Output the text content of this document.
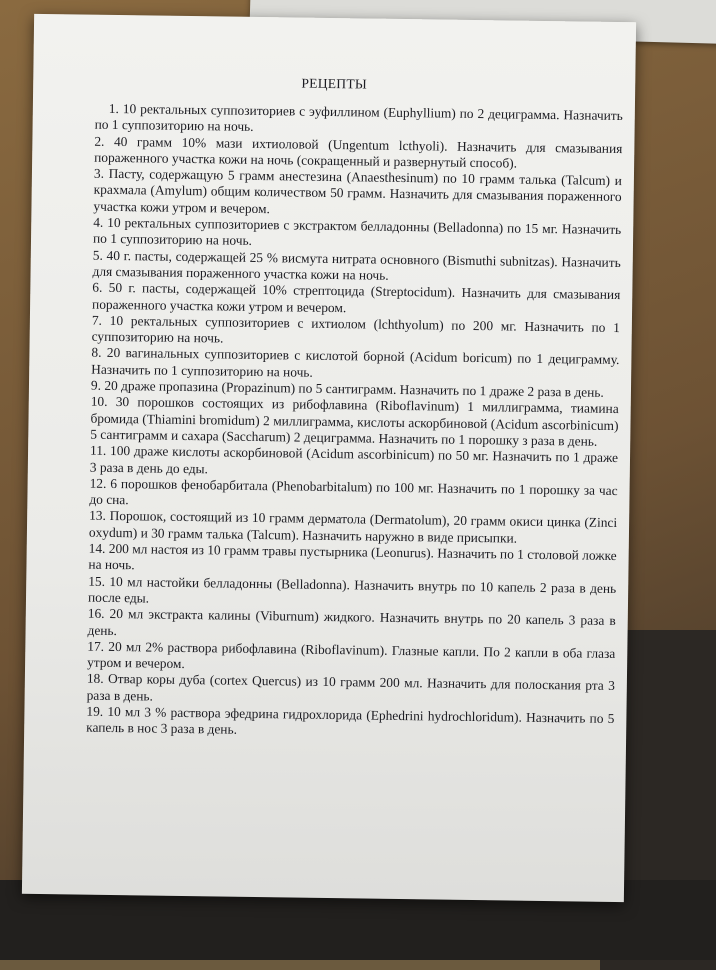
РЕЦЕПТЫ
1. 10 ректальных суппозиториев с эуфиллином (Euphyllium) по 2 дециграмма. Назначить по 1 суппозиторию на ночь.
2. 40 грамм 10% мази ихтиоловой (Ungentum lcthyoli). Назначить для смазывания пораженного участка кожи на ночь (сокращенный и развернутый способ).
3. Пасту, содержащую 5 грамм анестезина (Anaesthesinum) по 10 грамм талька (Talcum) и крахмала (Amylum) общим количеством 50 грамм. Назначить для смазывания пораженного участка кожи утром и вечером.
4. 10 ректальных суппозиториев с экстрактом белладонны (Belladonna) по 15 мг. Назначить по 1 суппозиторию на ночь.
5. 40 г. пасты, содержащей 25 % висмута нитрата основного (Bismuthi subnitzas). Назначить для смазывания пораженного участка кожи на ночь.
6. 50 г. пасты, содержащей 10% стрептоцида (Streptocidum). Назначить для смазывания пораженного участка кожи утром и вечером.
7. 10 ректальных суппозиториев с ихтиолом (lchthyolum) по 200 мг. Назначить по 1 суппозиторию на ночь.
8. 20 вагинальных суппозиториев с кислотой борной (Acidum boricum) по 1 дециграмму. Назначить по 1 суппозиторию на ночь.
9. 20 драже пропазина (Propazinum) по 5 сантиграмм. Назначить по 1 драже 2 раза в день.
10. 30 порошков состоящих из рибофлавина (Riboflavinum) 1 миллиграмма, тиамина бромида (Thiamini bromidum) 2 миллиграмма, кислоты аскорбиновой (Acidum ascorbinicum) 5 сантиграмм и сахара (Saccharum) 2 дециграмма. Назначить по 1 порошку з раза в день.
11. 100 драже кислоты аскорбиновой (Acidum ascorbinicum) по 50 мг. Назначить по 1 драже 3 раза в день до еды.
12. 6 порошков фенобарбитала (Phenobarbitalum) по 100 мг. Назначить по 1 порошку за час до сна.
13. Порошок, состоящий из 10 грамм дерматола (Dermatolum), 20 грамм окиси цинка (Zinci oxydum) и 30 грамм талька (Talcum). Назначить наружно в виде присыпки.
14. 200 мл настоя из 10 грамм травы пустырника (Leonurus). Назначить по 1 столовой ложке на ночь.
15. 10 мл настойки белладонны (Belladonna). Назначить внутрь по 10 капель 2 раза в день после еды.
16. 20 мл экстракта калины (Viburnum) жидкого. Назначить внутрь по 20 капель 3 раза в день.
17. 20 мл 2% раствора рибофлавина (Riboflavinum). Глазные капли. По 2 капли в оба глаза утром и вечером.
18. Отвар коры дуба (cortex Quercus) из 10 грамм 200 мл. Назначить для полоскания рта 3 раза в день.
19. 10 мл 3 % раствора эфедрина гидрохлорида (Ephedrini hydrochloridum). Назначить по 5 капель в нос 3 раза в день.
